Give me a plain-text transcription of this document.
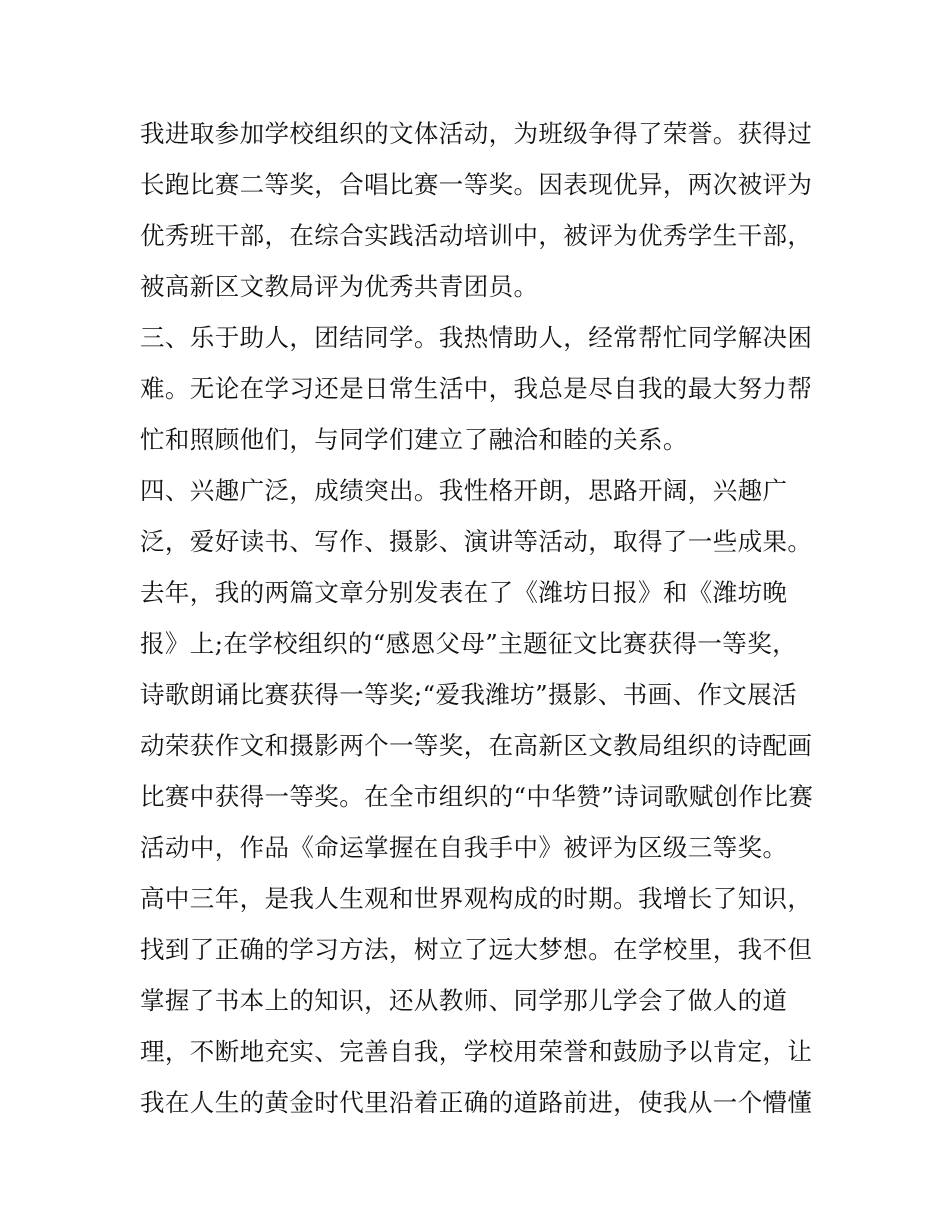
我进取参加学校组织的文体活动，为班级争得了荣誉。获得过
长跑比赛二等奖，合唱比赛一等奖。因表现优异，两次被评为
优秀班干部，在综合实践活动培训中，被评为优秀学生干部，
被高新区文教局评为优秀共青团员。
三、乐于助人，团结同学。我热情助人，经常帮忙同学解决困
难。无论在学习还是日常生活中，我总是尽自我的最大努力帮
忙和照顾他们，与同学们建立了融洽和睦的关系。
四、兴趣广泛，成绩突出。我性格开朗，思路开阔，兴趣广
泛，爱好读书、写作、摄影、演讲等活动，取得了一些成果。
去年，我的两篇文章分别发表在了《潍坊日报》和《潍坊晚
报》上;在学校组织的“感恩父母”主题征文比赛获得一等奖，
诗歌朗诵比赛获得一等奖;“爱我潍坊”摄影、书画、作文展活
动荣获作文和摄影两个一等奖，在高新区文教局组织的诗配画
比赛中获得一等奖。在全市组织的“中华赞”诗词歌赋创作比赛
活动中，作品《命运掌握在自我手中》被评为区级三等奖。
高中三年，是我人生观和世界观构成的时期。我增长了知识，
找到了正确的学习方法，树立了远大梦想。在学校里，我不但
掌握了书本上的知识，还从教师、同学那儿学会了做人的道
理，不断地充实、完善自我，学校用荣誉和鼓励予以肯定，让
我在人生的黄金时代里沿着正确的道路前进，使我从一个懵懂
